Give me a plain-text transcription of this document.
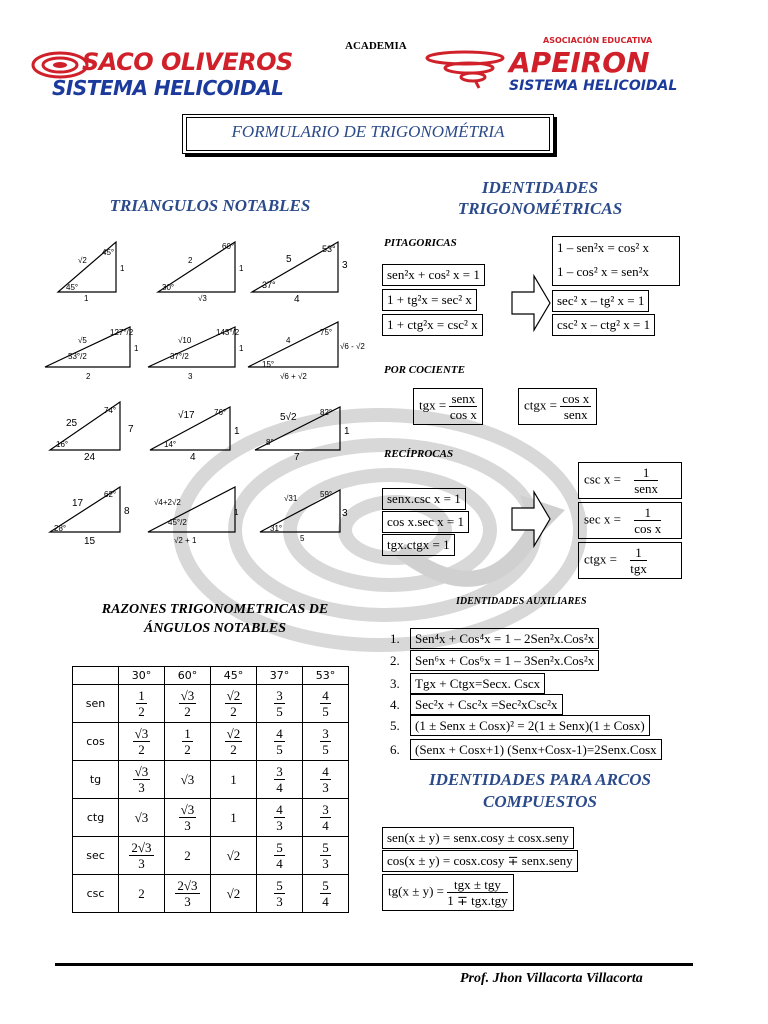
SACO OLIVEROS
SISTEMA HELICOIDAL
ACADEMIA	ASOCIACIÓN EDUCATIVA
APEIRON
SISTEMA HELICOIDAL
FORMULARIO DE TRIGONOMÉTRIA
TRIANGULOS NOTABLES
√2
1
1
45°
45°
2
1
√3
30°
60°
5
3
4
37°
53°
√5
1
2
53°/2
127°/2
√10
1
3
37°/2
143°/2
4
√6 - √2
√6 + √2
15°
75°
25
7
24
16°
74°	√17
1
4
14°
76°	5√2
1
7
8°
82°
17
8
15
28°
62°
√4+2√2
1
√2 + 1
45°/2
√31
3
5
31°
59°
RAZONES TRIGONOMETRICAS DE
ÁNGULOS NOTABLES
	30°	60°	45°	37°	53°
sen	$\frac{1}{2}$	$\frac{√3}{2}$	$\frac{√2}{2}$	$\frac{3}{5}$	$\frac{4}{5}$

cos	$\frac{√3}{2}$	$\frac{1}{2}$	$\frac{√2}{2}$	$\frac{4}{5}$	$\frac{3}{5}$

tg	$\frac{√3}{3}$	√3	1	$\frac{3}{4}$	$\frac{4}{3}$

ctg	√3	$\frac{√3}{3}$	1	$\frac{4}{3}$	$\frac{3}{4}$

sec	$\frac{2√3}{3}$	2	√2	$\frac{5}{4}$	$\frac{5}{3}$

csc	2	$\frac{2√3}{3}$	√2	$\frac{5}{3}$	$\frac{5}{4}$
IDENTIDADES
TRIGONOMÉTRICAS
PITAGORICAS
sen²x + cos² x = 1
1 + tg²x = sec² x
1 + ctg²x = csc² x
1 – sen²x = cos² x
1 – cos² x = sen²x
sec² x – tg² x = 1
csc² x – ctg² x = 1
POR COCIENTE
tgx = $\frac{\text{senx}}{\text{cos x}}$	ctgx = $\frac{\text{cos x}}{\text{senx}}$
RECÍPROCAS
senx.csc x = 1
cos x.sec x = 1
tgx.ctgx = 1
$\csc x = \frac{1}{\text{senx}}$
$\sec x = \frac{1}{\text{cos x}}$
ctgx = $\frac{1}{\text{tgx}}$
IDENTIDADES AUXILIARES
1. Sen⁴x + Cos⁴x = 1 – 2Sen²x.Cos²x
2. Sen⁶x + Cos⁶x = 1 – 3Sen²x.Cos²x
3. Tgx + Ctgx=Secx. Cscx
4. Sec²x + Csc²x =Sec²xCsc²x
5. (1 ± Senx ± Cosx)² = 2(1 ± Senx)(1 ± Cosx)
6. (Senx + Cosx+1) (Senx+Cosx-1)=2Senx.Cosx
IDENTIDADES PARA ARCOS
COMPUESTOS
sen(x ± y) = senx.cosy ± cosx.seny
cos(x ± y) = cosx.cosy ∓ senx.seny
$tg(x \pm y) = \frac{\text{tgx ± tgy}}{\text{1 ∓ tgx.tgy}}$
Prof. Jhon Villacorta Villacorta
